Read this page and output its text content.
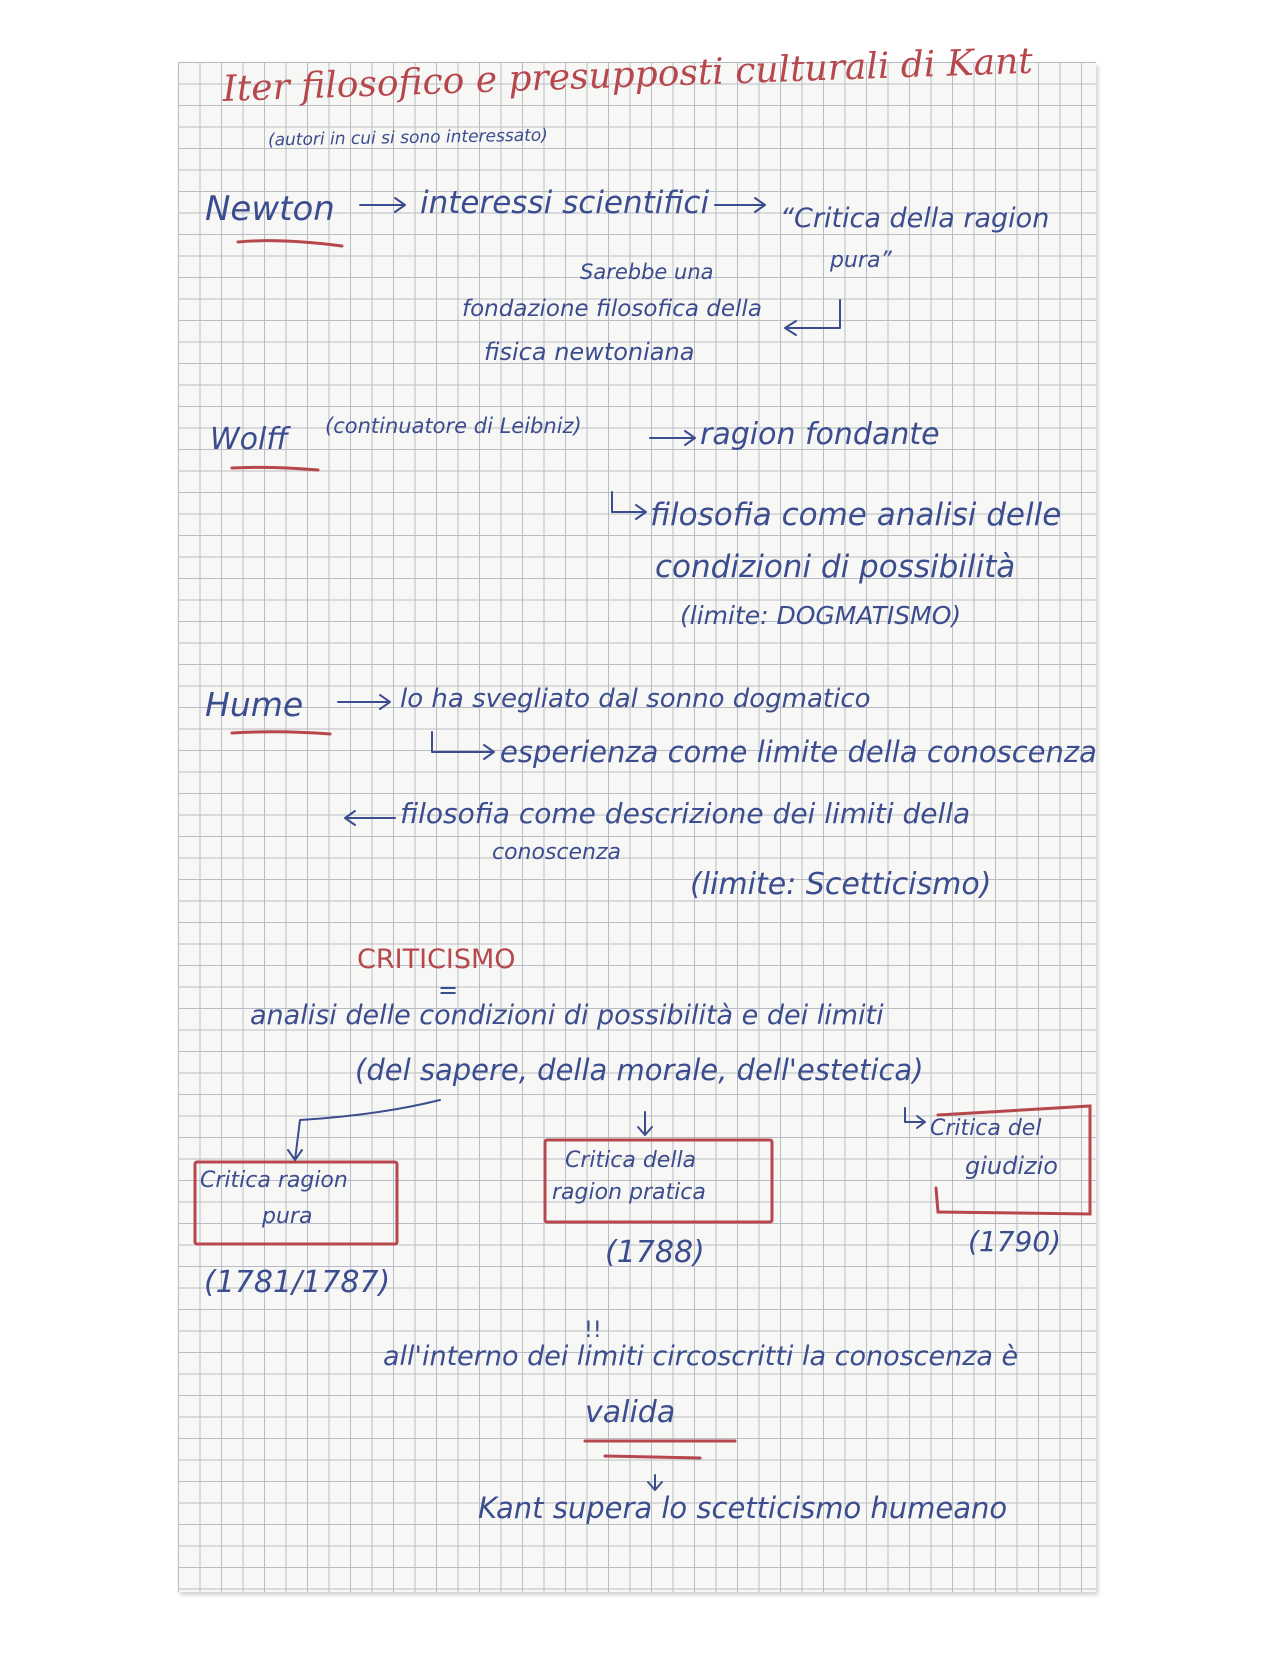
Iter filosofico e presupposti culturali di Kant
(autori in cui si sono interessato)
Newton	interessi scientifici	“Critica della ragion
pura”
Sarebbe una
fondazione filosofica della
fisica newtoniana
Wolff (continuatore di Leibniz)	ragion fondante
filosofia come analisi delle
condizioni di possibilità
(limite: DOGMATISMO)
Hume	lo ha svegliato dal sonno dogmatico
esperienza come limite della conoscenza
filosofia come descrizione dei limiti della
conoscenza
(limite: Scetticismo)
CRITICISMO
=
analisi delle condizioni di possibilità e dei limiti
(del sapere, della morale, dell'estetica)
Critica ragion
pura
(1781/1787)
Critica della
ragion pratica
(1788)
Critica del
giudizio
(1790)
!!
all'interno dei limiti circoscritti la conoscenza è
valida
Kant supera lo scetticismo humeano
